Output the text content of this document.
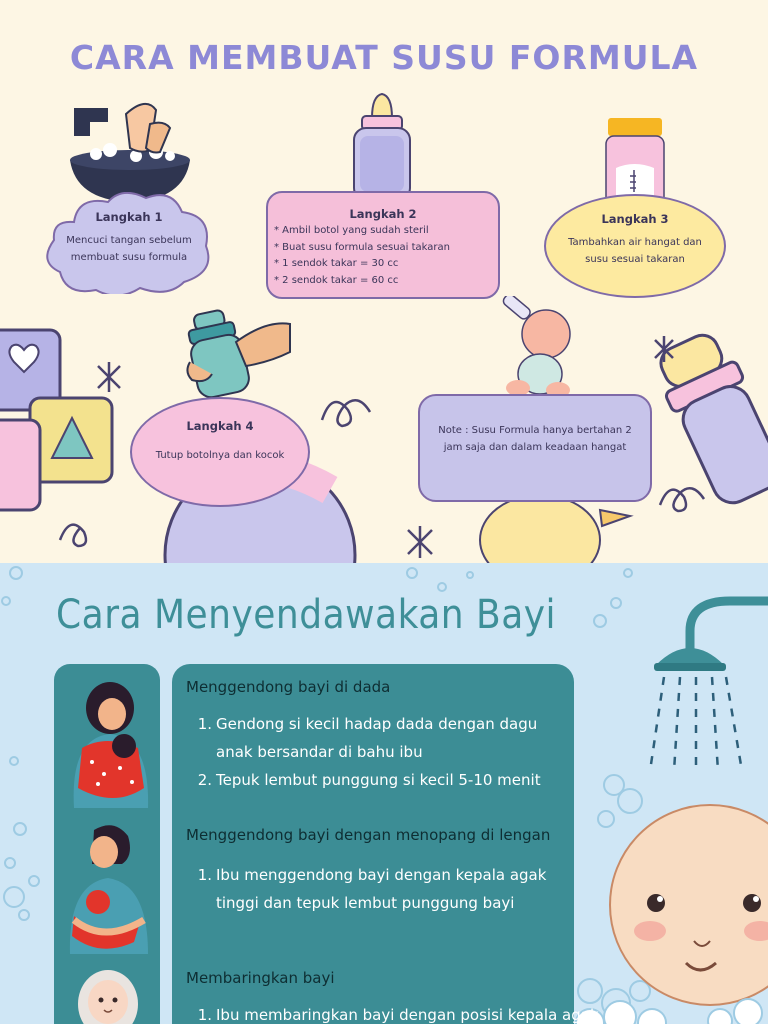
CARA MEMBUAT SUSU FORMULA
Langkah 1
Mencuci tangan sebelum membuat susu formula
Langkah 2
* Ambil botol yang sudah steril
* Buat susu formula sesuai takaran
* 1 sendok takar = 30 cc
* 2 sendok takar = 60 cc
Langkah 3
Tambahkan air hangat dan susu sesuai takaran
Langkah 4
Tutup botolnya dan kocok
Note : Susu Formula hanya bertahan 2 jam saja dan dalam keadaan hangat
Cara Menyendawakan Bayi
Menggendong bayi di dada
1. Gendong si kecil hadap dada dengan dagu anak bersandar di bahu ibu
2. Tepuk lembut punggung si kecil 5-10 menit
Menggendong bayi dengan menopang di lengan
1. Ibu menggendong bayi dengan kepala agak tinggi dan tepuk lembut punggung bayi
Membaringkan bayi
1. Ibu membaringkan bayi dengan posisi kepala agak
